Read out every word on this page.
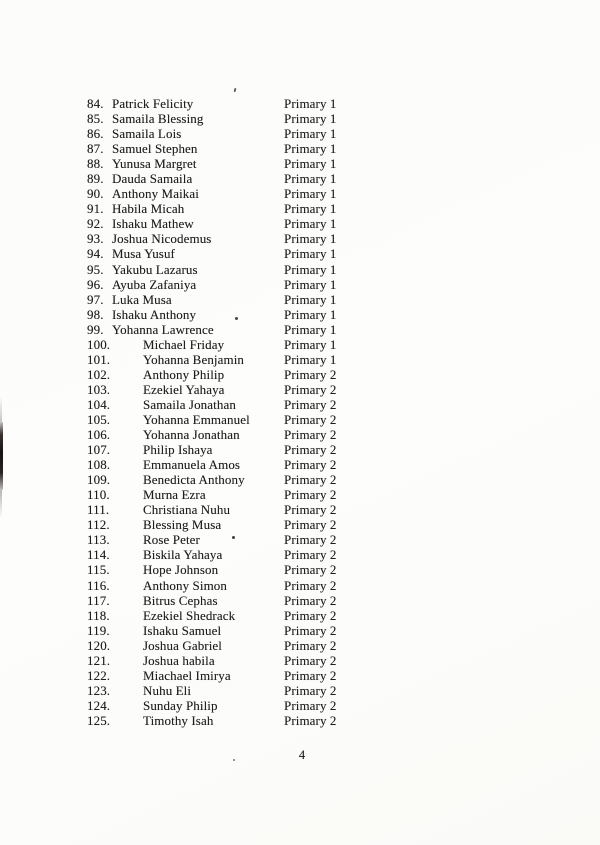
84. Patrick Felicity	Primary 1
85. Samaila Blessing	Primary 1
86. Samaila Lois	Primary 1
87. Samuel Stephen	Primary 1
88. Yunusa Margret	Primary 1
89. Dauda Samaila	Primary 1
90. Anthony Maikai	Primary 1
91. Habila Micah	Primary 1
92. Ishaku Mathew	Primary 1
93. Joshua Nicodemus	Primary 1
94. Musa Yusuf	Primary 1
95. Yakubu Lazarus	Primary 1
96. Ayuba Zafaniya	Primary 1
97. Luka Musa	Primary 1
98. Ishaku Anthony	Primary 1
99. Yohanna Lawrence	Primary 1
100.	Michael Friday	Primary 1
101.	Yohanna Benjamin	Primary 1
102.	Anthony Philip	Primary 2
103.	Ezekiel Yahaya	Primary 2
104.	Samaila Jonathan	Primary 2
105.	Yohanna Emmanuel	Primary 2
106.	Yohanna Jonathan	Primary 2
107.	Philip Ishaya	Primary 2
108.	Emmanuela Amos	Primary 2
109.	Benedicta Anthony	Primary 2
110.	Murna Ezra	Primary 2
111.	Christiana Nuhu	Primary 2
112.	Blessing Musa	Primary 2
113.	Rose Peter	Primary 2
114.	Biskila Yahaya	Primary 2
115.	Hope Johnson	Primary 2
116.	Anthony Simon	Primary 2
117.	Bitrus Cephas	Primary 2
118.	Ezekiel Shedrack	Primary 2
119.	Ishaku Samuel	Primary 2
120.	Joshua Gabriel	Primary 2
121.	Joshua habila	Primary 2
122.	Miachael Imirya	Primary 2
123.	Nuhu Eli	Primary 2
124.	Sunday Philip	Primary 2
125.	Timothy Isah	Primary 2
4
